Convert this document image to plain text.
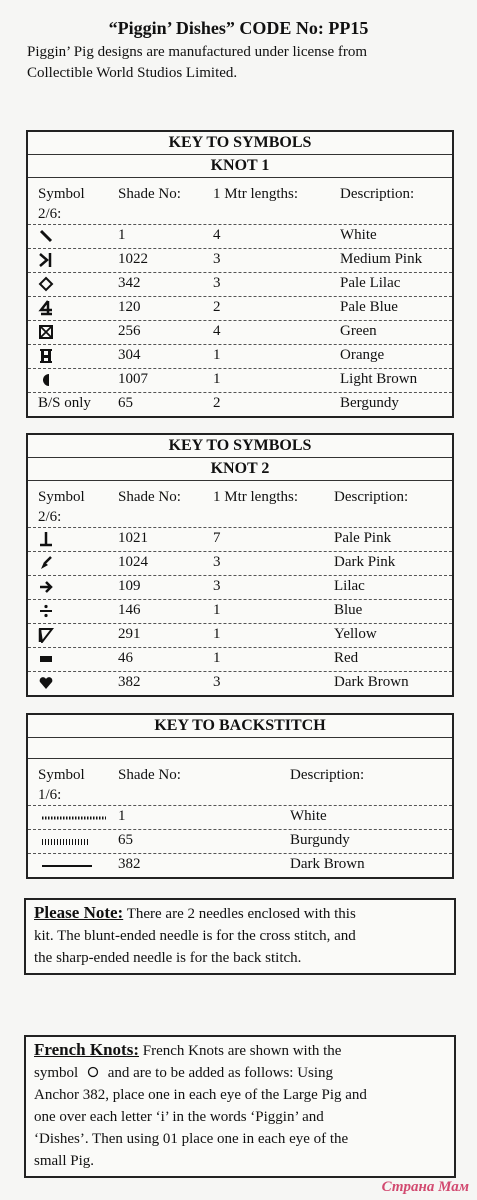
“Piggin’ Dishes” CODE No: PP15
Piggin’ Pig designs are manufactured under license from
Collectible World Studios Limited.
KEY TO SYMBOLS
KNOT 1
Symbol
2/6:
Shade No: 1 Mtr lengths:	Description:
1	4	White
1022	3	Medium Pink
342	3	Pale Lilac
120	2	Pale Blue
256	4	Green
304	1	Orange
1007	1	Light Brown
B/S only 65	2	Bergundy
KEY TO SYMBOLS
KNOT 2
Symbol
2/6:
Shade No: 1 Mtr lengths: Description:
1021	7	Pale Pink
1024	3	Dark Pink
109	3	Lilac
146	1	Blue
291	1	Yellow
46	1	Red
382	3	Dark Brown
KEY TO BACKSTITCH
Symbol
1/6:
Shade No:	Description:
1	White
65	Burgundy
382	Dark Brown
Please Note: There are 2 needles enclosed with this
kit. The blunt-ended needle is for the cross stitch, and
the sharp-ended needle is for the back stitch.
French Knots: French Knots are shown with the
symbol  and are to be added as follows: Using
Anchor 382, place one in each eye of the Large Pig and
one over each letter ‘i’ in the words ‘Piggin’ and
‘Dishes’. Then using 01 place one in each eye of the
small Pig.
Страна Мам
